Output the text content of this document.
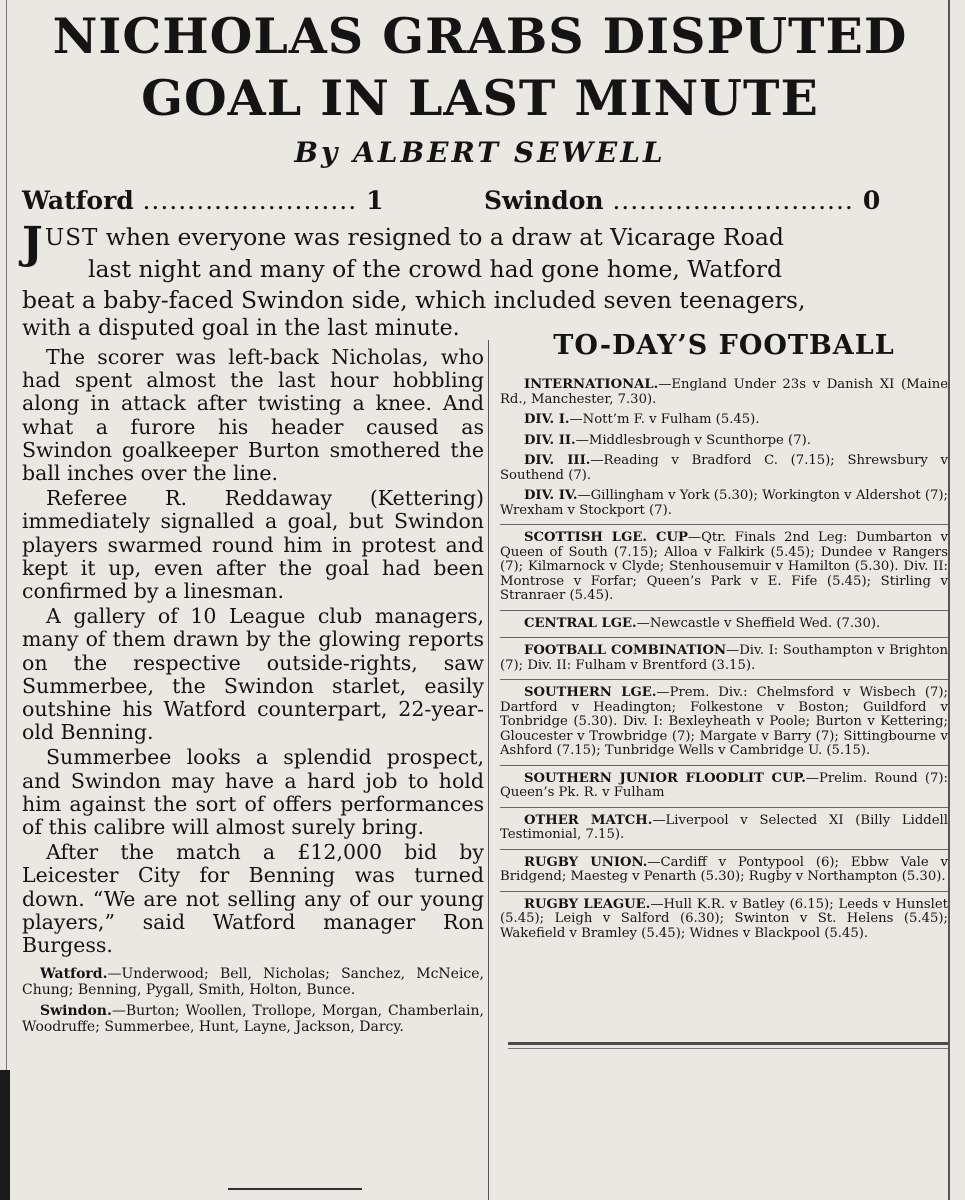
NICHOLAS GRABS DISPUTED
GOAL IN LAST MINUTE
By ALBERT SEWELL
Watford ........................ 1	Swindon ........................... 0
J UST when everyone was resigned to a draw at Vicarage Road
last night and many of the crowd had gone home, Watford
beat a baby-faced Swindon side, which included seven teenagers,

with a disputed goal in the last minute.

The scorer was left-back Nicholas, who had spent almost the last hour hobbling along in attack after twisting a knee. And what a furore his header caused as Swindon goalkeeper Burton smothered the ball inches over the line.

Referee R. Reddaway (Kettering) immediately signalled a goal, but Swindon players swarmed round him in protest and kept it up, even after the goal had been confirmed by a linesman.

A gallery of 10 League club managers, many of them drawn by the glowing reports on the respective outside-rights, saw Summerbee, the Swindon starlet, easily outshine his Watford counterpart, 22-year-old Benning.

Summerbee looks a splendid prospect, and Swindon may have a hard job to hold him against the sort of offers performances of this calibre will almost surely bring.

After the match a £12,000 bid by Leicester City for Benning was turned down. “We are not selling any of our young players,” said Watford manager Ron Burgess.

Watford.—Underwood; Bell, Nicholas; Sanchez, McNeice, Chung; Benning, Pygall, Smith, Holton, Bunce.

Swindon.—Burton; Woollen, Trollope, Morgan, Chamberlain, Woodruffe; Summerbee, Hunt, Layne, Jackson, Darcy.

TO-DAY’S FOOTBALL
INTERNATIONAL.—England Under 23s v Danish XI (Maine Rd., Manchester, 7.30).
DIV. I.—Nott’m F. v Fulham (5.45).
DIV. II.—Middlesbrough v Scunthorpe (7).
DIV. III.—Reading v Bradford C. (7.15); Shrewsbury v Southend (7).
DIV. IV.—Gillingham v York (5.30); Workington v Aldershot (7); Wrexham v Stockport (7).
SCOTTISH LGE. CUP—Qtr. Finals 2nd Leg: Dumbarton v Queen of South (7.15); Alloa v Falkirk (5.45); Dundee v Rangers (7); Kilmarnock v Clyde; Stenhousemuir v Hamilton (5.30). Div. II: Montrose v Forfar; Queen’s Park v E. Fife (5.45); Stirling v Stranraer (5.45).
CENTRAL LGE.—Newcastle v Sheffield Wed. (7.30).
FOOTBALL COMBINATION—Div. I: Southampton v Brighton (7); Div. II: Fulham v Brentford (3.15).
SOUTHERN LGE.—Prem. Div.: Chelmsford v Wisbech (7); Dartford v Headington; Folkestone v Boston; Guildford v Tonbridge (5.30). Div. I: Bexleyheath v Poole; Burton v Kettering; Gloucester v Trowbridge (7); Margate v Barry (7); Sittingbourne v Ashford (7.15); Tunbridge Wells v Cambridge U. (5.15).
SOUTHERN JUNIOR FLOODLIT CUP.—Prelim. Round (7): Queen’s Pk. R. v Fulham
OTHER MATCH.—Liverpool v Selected XI (Billy Liddell Testimonial, 7.15).
RUGBY UNION.—Cardiff v Pontypool (6); Ebbw Vale v Bridgend; Maesteg v Penarth (5.30); Rugby v Northampton (5.30).
RUGBY LEAGUE.—Hull K.R. v Batley (6.15); Leeds v Hunslet (5.45); Leigh v Salford (6.30); Swinton v St. Helens (5.45); Wakefield v Bramley (5.45); Widnes v Blackpool (5.45).
